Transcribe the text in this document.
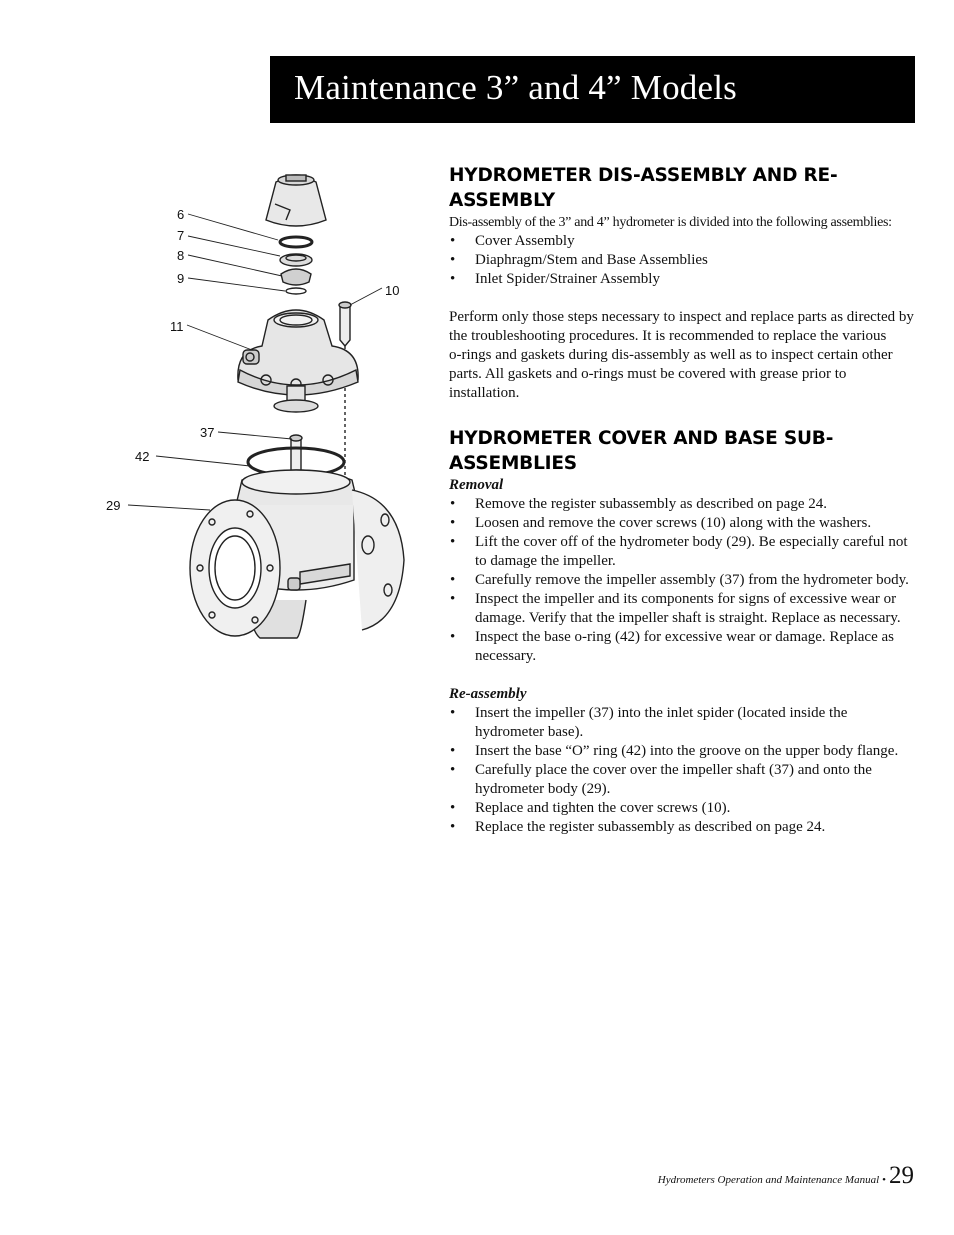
Maintenance 3” and 4” Models
6
7
8
9
10
11
37
42
29
HYDROMETER DIS-ASSEMBLY AND RE-
ASSEMBLY

Dis-assembly of the 3” and 4” hydrometer is divided into the following assemblies:

• Cover Assembly
• Diaphragm/Stem and Base Assemblies
• Inlet Spider/Strainer Assembly

Perform only those steps necessary to inspect and replace parts as directed by the troubleshooting procedures. It is recommended to replace the various

o-rings and gaskets during dis-assembly as well as to inspect certain other parts. All gaskets and o-rings must be covered with grease prior to installation.

HYDROMETER COVER AND BASE SUB-
ASSEMBLIES

Removal

• Remove the register subassembly as described on page 24.
• Loosen and remove the cover screws (10) along with the washers.
• Lift the cover off of the hydrometer body (29). Be especially careful not to damage the impeller.
• Carefully remove the impeller assembly (37) from the hydrometer body.
• Inspect the impeller and its components for signs of excessive wear or damage. Verify that the impeller shaft is straight. Replace as necessary.
• Inspect the base o-ring (42) for excessive wear or damage. Replace as necessary.

Re-assembly

• Insert the impeller (37) into the inlet spider (located inside the hydrometer base).
• Insert the base “O” ring (42) into the groove on the upper body flange.
• Carefully place the cover over the impeller shaft (37) and onto the hydrometer body (29).
• Replace and tighten the cover screws (10).
• Replace the register subassembly as described on page 24.
Hydrometers Operation and Maintenance Manual • 29
